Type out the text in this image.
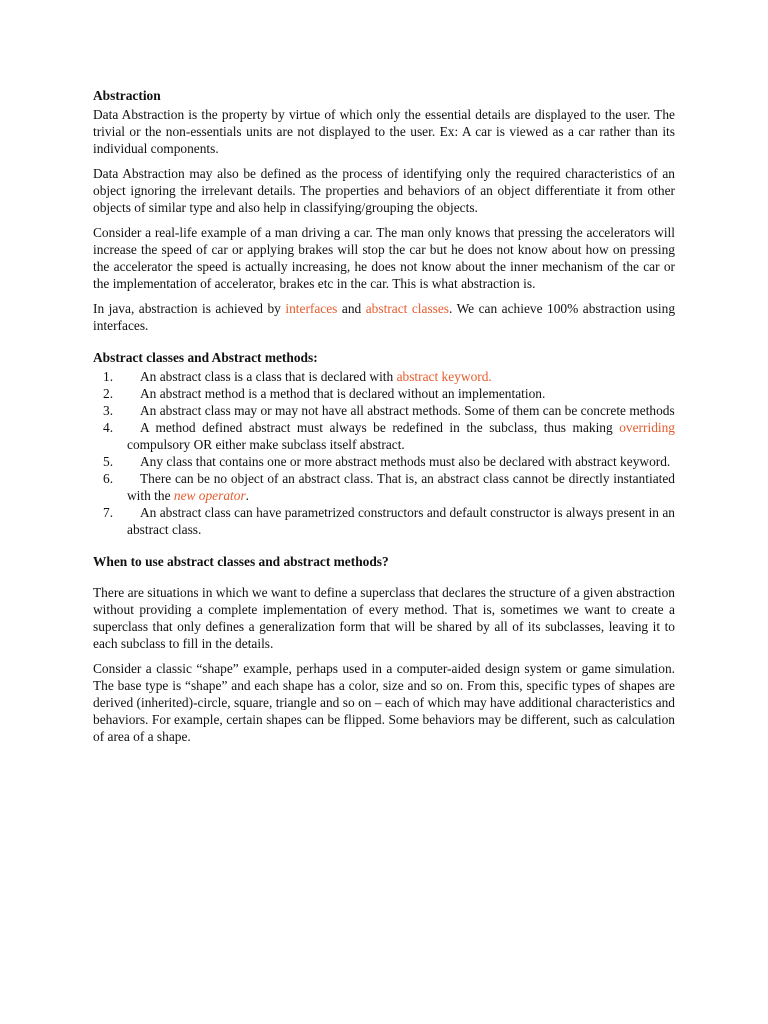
Abstraction

Data Abstraction is the property by virtue of which only the essential details are displayed to the user. The trivial or the non-essentials units are not displayed to the user. Ex: A car is viewed as a car rather than its individual components.

Data Abstraction may also be defined as the process of identifying only the required characteristics of an object ignoring the irrelevant details. The properties and behaviors of an object differentiate it from other objects of similar type and also help in classifying/grouping the objects.

Consider a real-life example of a man driving a car. The man only knows that pressing the accelerators will increase the speed of car or applying brakes will stop the car but he does not know about how on pressing the accelerator the speed is actually increasing, he does not know about the inner mechanism of the car or the implementation of accelerator, brakes etc in the car. This is what abstraction is.

In java, abstraction is achieved by interfaces and abstract classes. We can achieve 100% abstraction using interfaces.

Abstract classes and Abstract methods:
1.	An abstract class is a class that is declared with abstract keyword.
2.	An abstract method is a method that is declared without an implementation.
3.	An abstract class may or may not have all abstract methods. Some of them can be concrete methods
4.	A method defined abstract must always be redefined in the subclass, thus making overriding compulsory OR either make subclass itself abstract.
5.	Any class that contains one or more abstract methods must also be declared with abstract keyword.
6.	There can be no object of an abstract class. That is, an abstract class cannot be directly instantiated with the new operator.
7.	An abstract class can have parametrized constructors and default constructor is always present in an abstract class.
When to use abstract classes and abstract methods?

There are situations in which we want to define a superclass that declares the structure of a given abstraction without providing a complete implementation of every method. That is, sometimes we want to create a superclass that only defines a generalization form that will be shared by all of its subclasses, leaving it to each subclass to fill in the details.

Consider a classic “shape” example, perhaps used in a computer-aided design system or game simulation. The base type is “shape” and each shape has a color, size and so on. From this, specific types of shapes are derived (inherited)-circle, square, triangle and so on – each of which may have additional characteristics and behaviors. For example, certain shapes can be flipped. Some behaviors may be different, such as calculation of area of a shape.
